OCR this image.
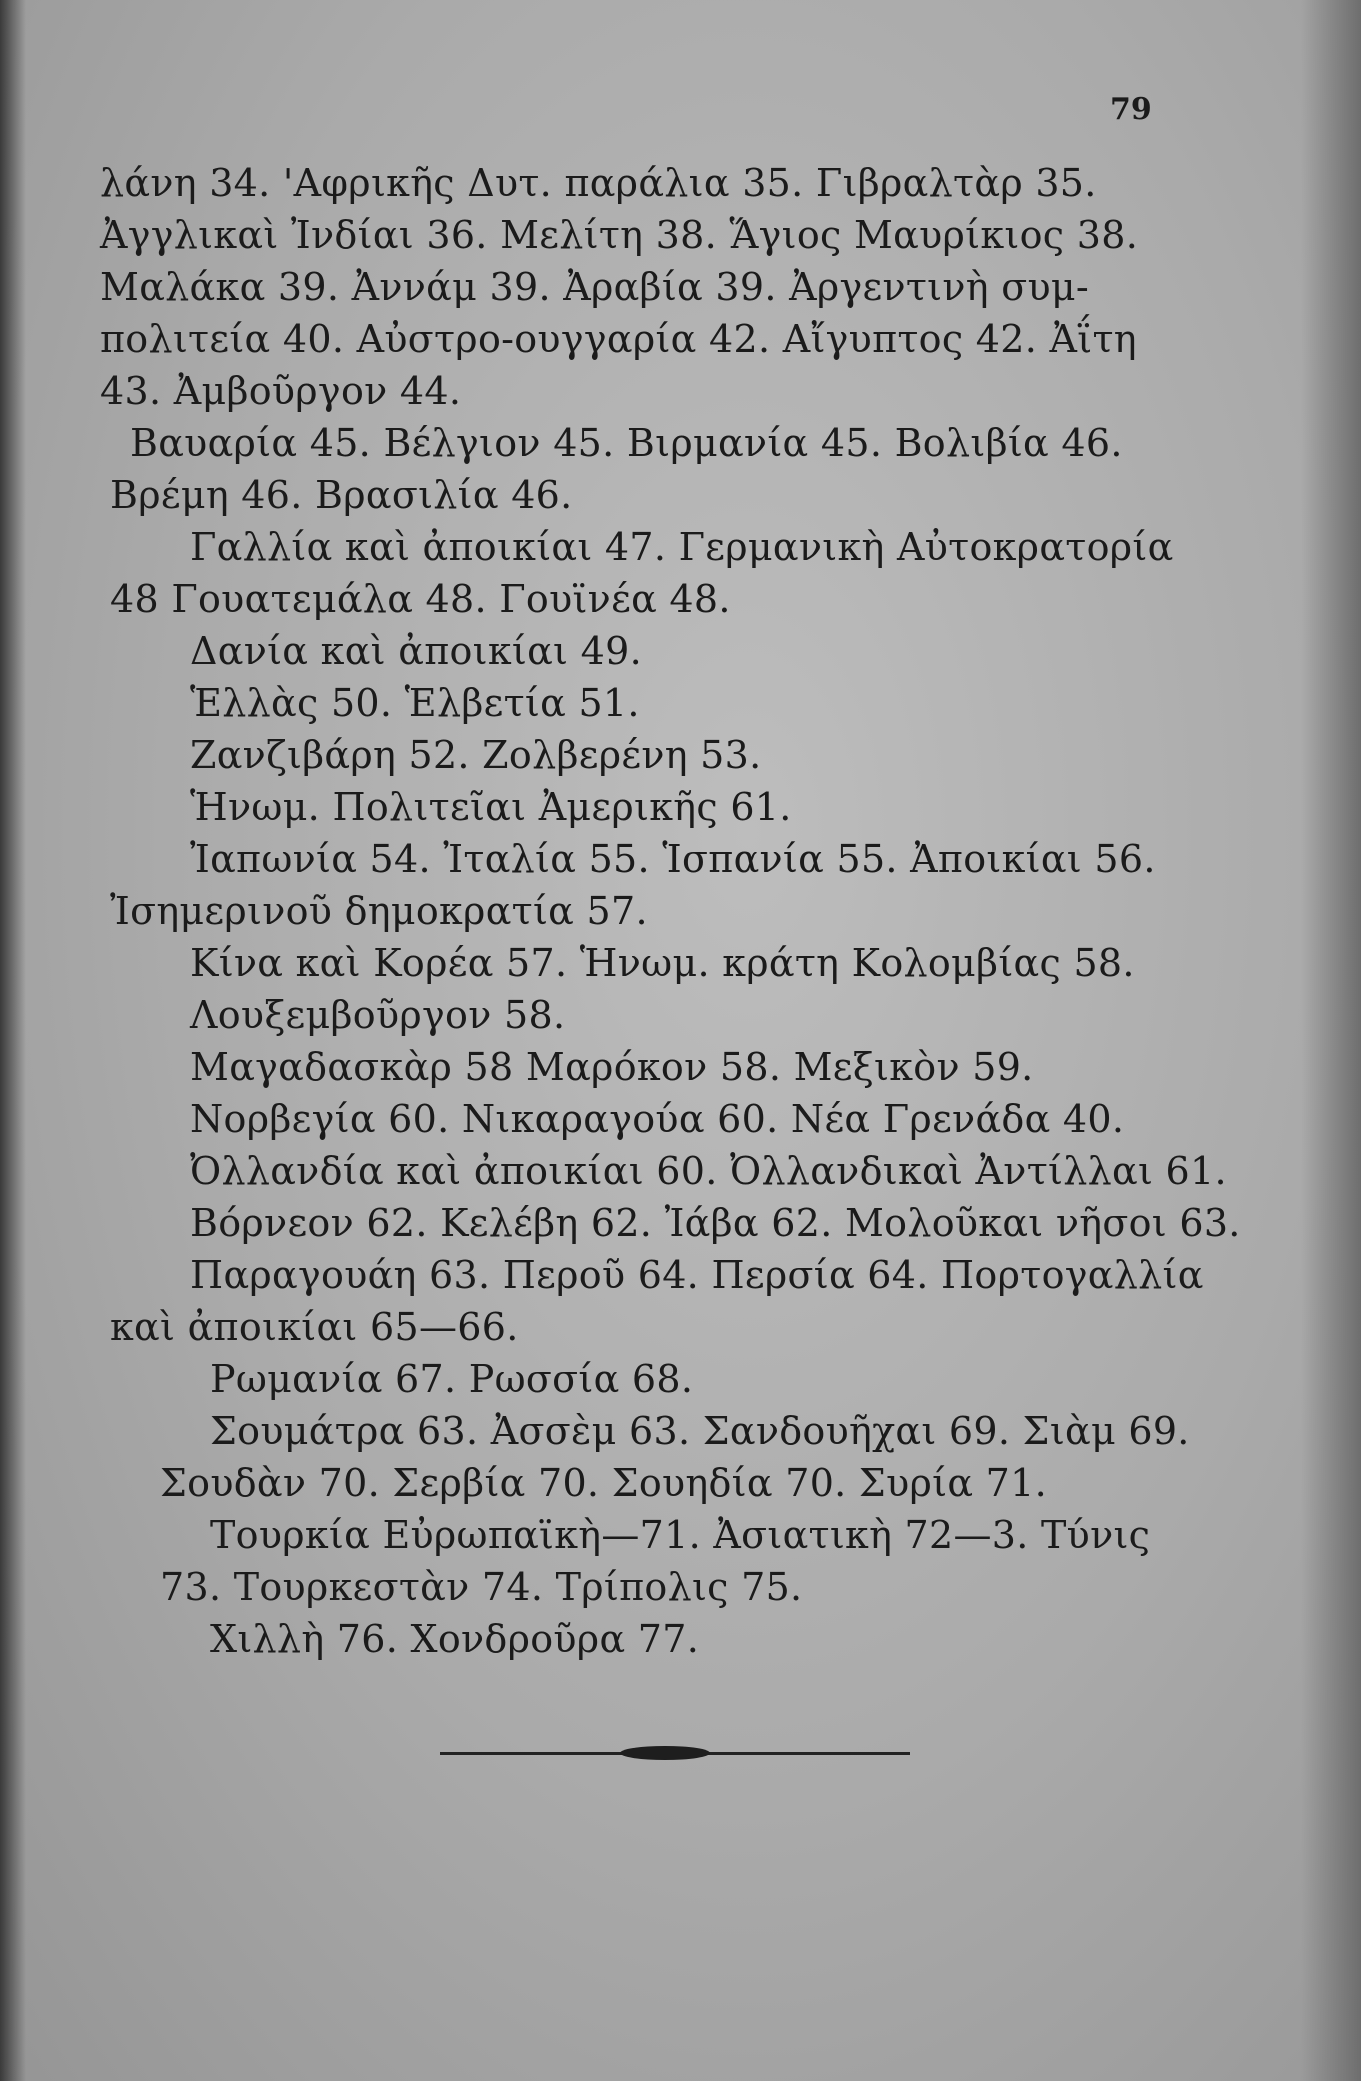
79
λάνη 34. 'Αφρικῆς Δυτ. παράλια 35. Γιβραλτὰρ 35.
Ἀγγλικαὶ Ἰνδίαι 36. Μελίτη 38. Ἅγιος Μαυρίκιος 38.
Μαλάκα 39. Ἀννάμ 39. Ἀραβία 39. Ἀργεντινὴ συμ-
πολιτεία 40. Αὐστρο-ουγγαρία 42. Αἴγυπτος 42. Ἀΐτη
43. Ἀμβοῦργον 44.
Βαυαρία 45. Βέλγιον 45. Βιρμανία 45. Βολιβία 46.
Βρέμη 46. Βρασιλία 46.
Γαλλία καὶ ἀποικίαι 47. Γερμανικὴ Αὐτοκρατορία
48 Γουατεμάλα 48. Γουϊνέα 48.
Δανία καὶ ἀποικίαι 49.
Ἑλλὰς 50. Ἑλβετία 51.
Ζανζιβάρη 52. Ζολβερένη 53.
Ἡνωμ. Πολιτεῖαι Ἀμερικῆς 61.
Ἰαπωνία 54. Ἰταλία 55. Ἱσπανία 55. Ἀποικίαι 56.
Ἰσημερινοῦ δημοκρατία 57.
Κίνα καὶ Κορέα 57. Ἡνωμ. κράτη Κολομβίας 58.
Λουξεμβοῦργον 58.
Μαγαδασκὰρ 58 Μαρόκον 58. Μεξικὸν 59.
Νορβεγία 60. Νικαραγούα 60. Νέα Γρενάδα 40.
Ὀλλανδία καὶ ἀποικίαι 60. Ὀλλανδικαὶ Ἀντίλλαι 61.
Βόρνεον 62. Κελέβη 62. Ἰάβα 62. Μολοῦκαι νῆσοι 63.
Παραγουάη 63. Περοῦ 64. Περσία 64. Πορτογαλλία
καὶ ἀποικίαι 65—66.
Ρωμανία 67. Ρωσσία 68.
Σουμάτρα 63. Ἀσσὲμ 63. Σανδουῆχαι 69. Σιὰμ 69.
Σουδὰν 70. Σερβία 70. Σουηδία 70. Συρία 71.
Τουρκία Εὐρωπαϊκὴ—71. Ἀσιατικὴ 72—3. Τύνις
73. Τουρκεστὰν 74. Τρίπολις 75.
Χιλλὴ 76. Χονδροῦρα 77.
